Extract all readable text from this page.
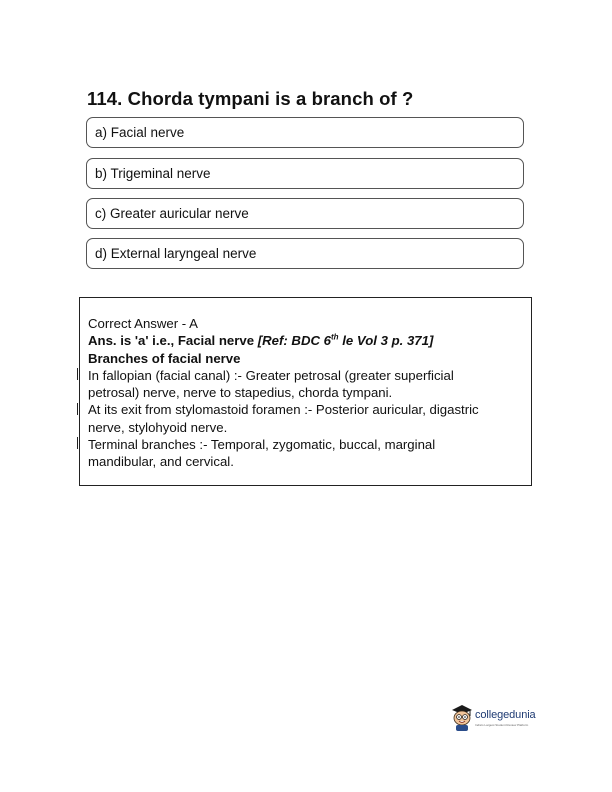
114. Chorda tympani is a branch of ?
a) Facial nerve
b) Trigeminal nerve
c) Greater auricular nerve
d) External laryngeal nerve
Correct Answer - A
Ans. is 'a' i.e., Facial nerve [Ref: BDC 6th le Vol 3 p. 371]
Branches of facial nerve
In fallopian (facial canal) :- Greater petrosal (greater superficial
petrosal) nerve, nerve to stapedius, chorda tympani.
At its exit from stylomastoid foramen :- Posterior auricular, digastric
nerve, stylohyoid nerve.
Terminal branches :- Temporal, zygomatic, buccal, marginal
mandibular, and cervical.
collegedunia
India's Largest Student Review Platform
